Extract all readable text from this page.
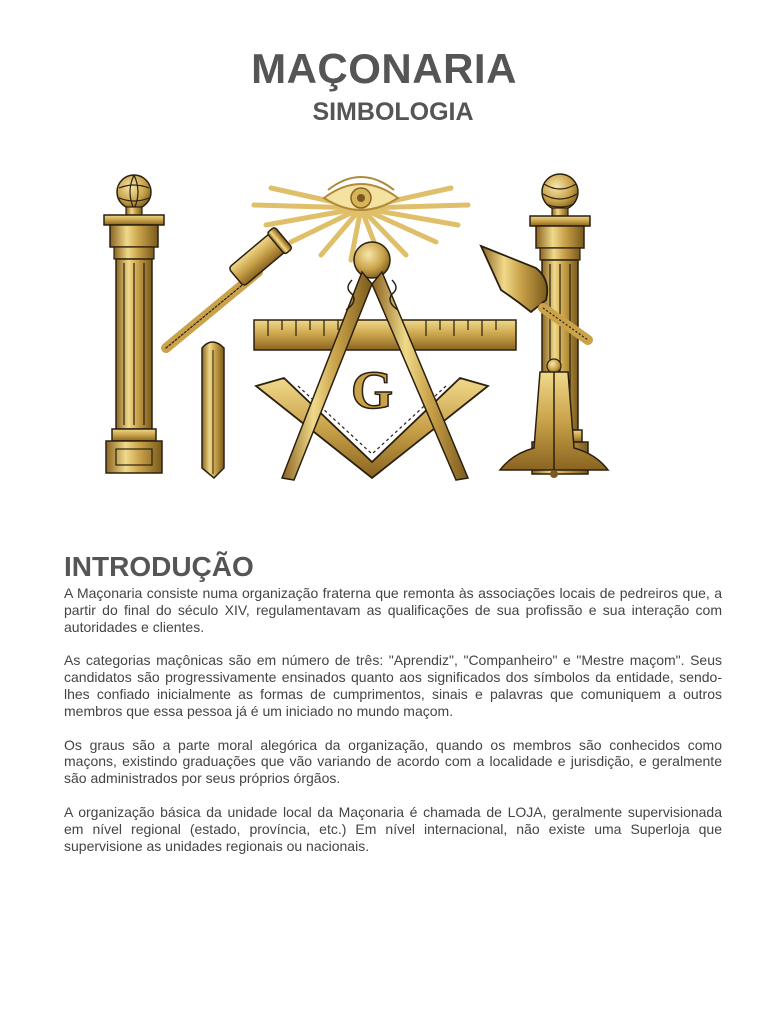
MAÇONARIA
SIMBOLOGIA
G
INTRODUÇÃO

A Maçonaria consiste numa organização fraterna que remonta às associações locais de pedreiros que, a partir do final do século XIV, regulamentavam as qualificações de sua profissão e sua interação com autoridades e clientes.

As categorias maçônicas são em número de três: "Aprendiz", "Companheiro" e "Mestre maçom". Seus candidatos são progressivamente ensinados quanto aos significados dos símbolos da entidade, sendo-lhes confiado inicialmente as formas de cumprimentos, sinais e palavras que comuniquem a outros membros que essa pessoa já é um iniciado no mundo maçom.

Os graus são a parte moral alegórica da organização, quando os membros são conhecidos como maçons, existindo graduações que vão variando de acordo com a localidade e jurisdição, e geralmente são administrados por seus próprios órgãos.

A organização básica da unidade local da Maçonaria é chamada de LOJA, geralmente supervisionada em nível regional (estado, província, etc.) Em nível internacional, não existe uma Superloja que supervisione as unidades regionais ou nacionais.
